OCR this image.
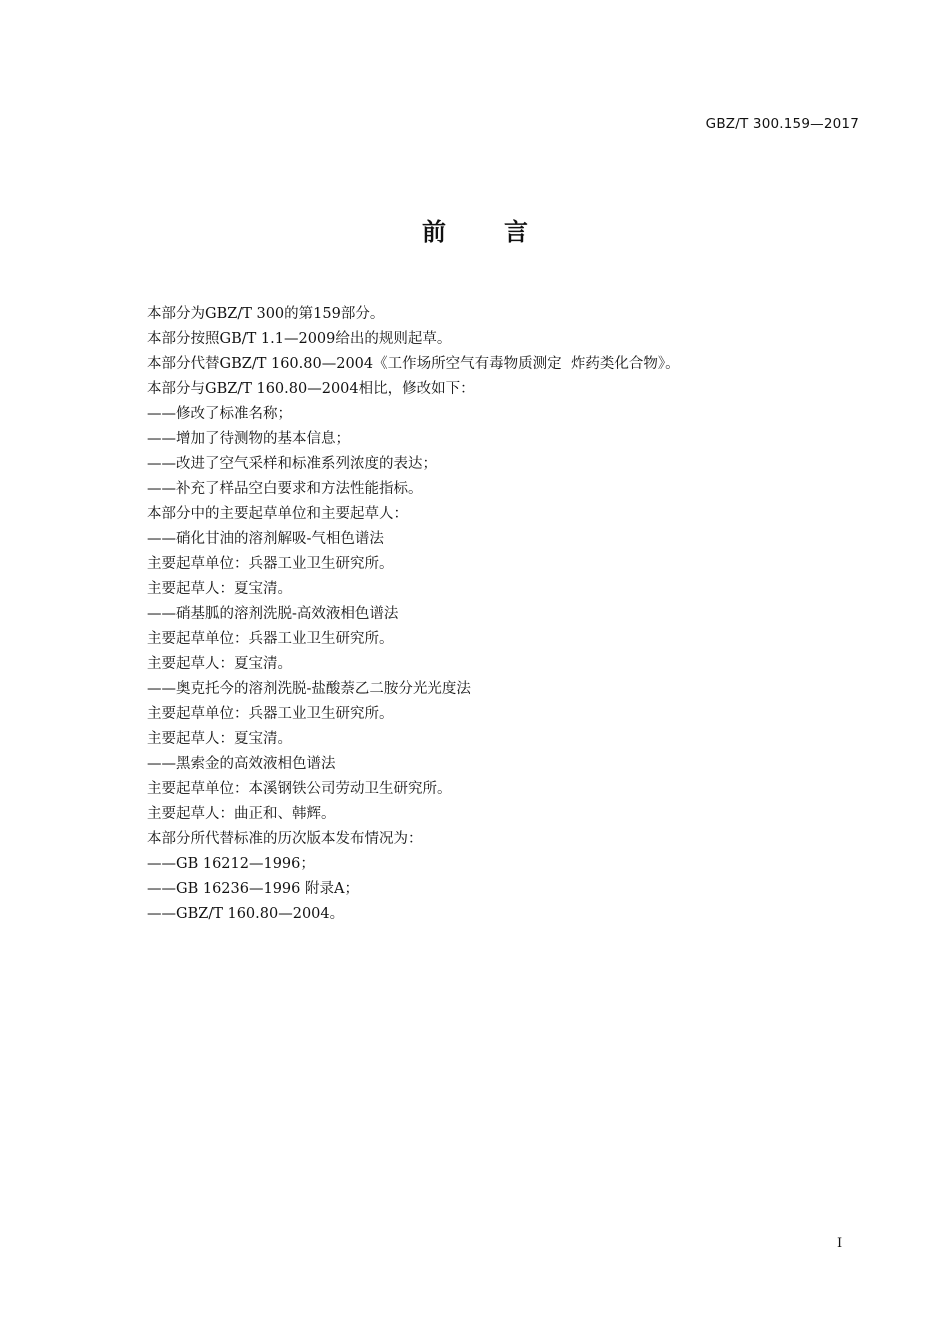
GBZ/T 300.159—2017
前 言
本部分为GBZ/T 300的第159部分。
本部分按照GB/T 1.1—2009给出的规则起草。
本部分代替GBZ/T 160.80—2004《工作场所空气有毒物质测定  炸药类化合物》。
本部分与GBZ/T 160.80—2004相比，修改如下：
——修改了标准名称；
——增加了待测物的基本信息；
——改进了空气采样和标准系列浓度的表达；
——补充了样品空白要求和方法性能指标。
本部分中的主要起草单位和主要起草人：
——硝化甘油的溶剂解吸-气相色谱法
主要起草单位：兵器工业卫生研究所。
主要起草人：夏宝清。
——硝基胍的溶剂洗脱-高效液相色谱法
主要起草单位：兵器工业卫生研究所。
主要起草人：夏宝清。
——奥克托今的溶剂洗脱-盐酸萘乙二胺分光光度法
主要起草单位：兵器工业卫生研究所。
主要起草人：夏宝清。
——黑索金的高效液相色谱法
主要起草单位：本溪钢铁公司劳动卫生研究所。
主要起草人：曲正和、韩辉。
本部分所代替标准的历次版本发布情况为：
——GB 16212—1996；
——GB 16236—1996 附录A；
——GBZ/T 160.80—2004。
I
